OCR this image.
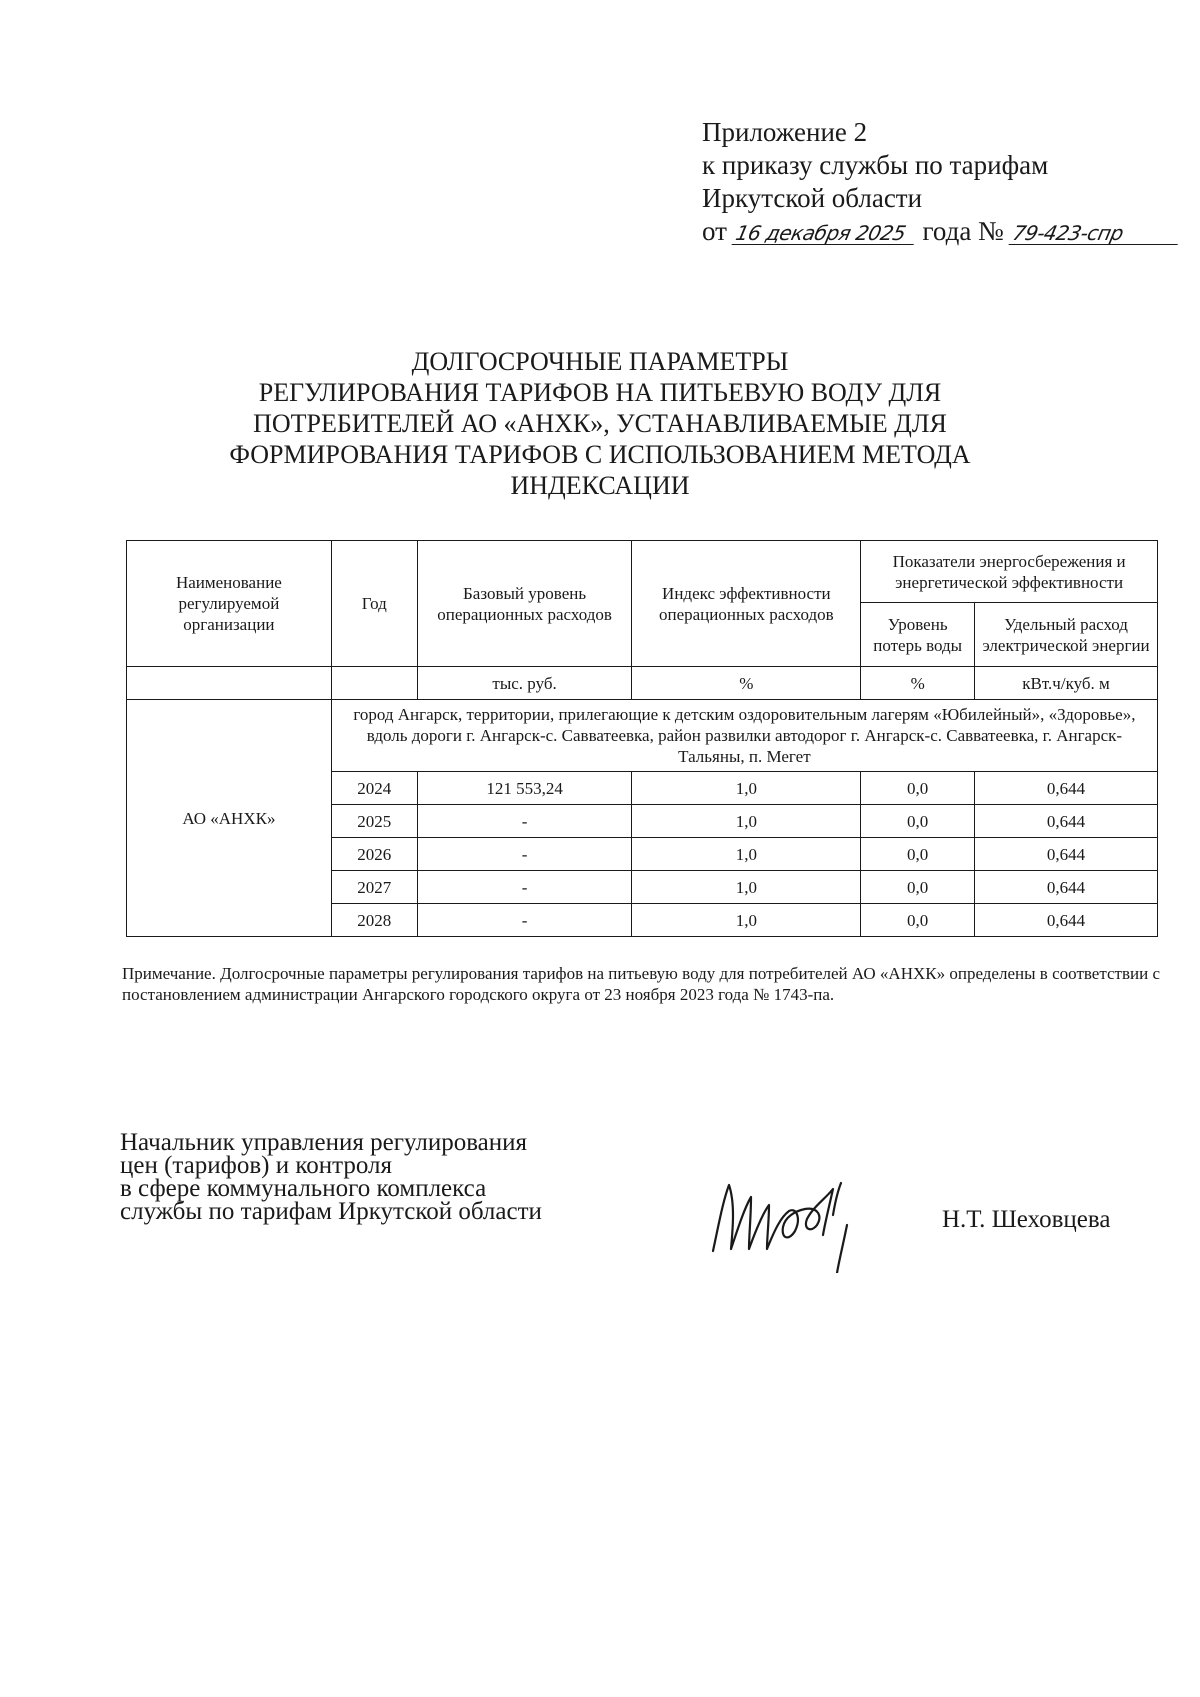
Приложение 2
к приказу службы по тарифам
Иркутской области
от 16 декабря 2025 года № 79-423-спр
ДОЛГОСРОЧНЫЕ ПАРАМЕТРЫ
РЕГУЛИРОВАНИЯ ТАРИФОВ НА ПИТЬЕВУЮ ВОДУ ДЛЯ
ПОТРЕБИТЕЛЕЙ АО «АНХК», УСТАНАВЛИВАЕМЫЕ ДЛЯ
ФОРМИРОВАНИЯ ТАРИФОВ С ИСПОЛЬЗОВАНИЕМ МЕТОДА
ИНДЕКСАЦИИ
Наименование регулируемой организации	Год	Базовый уровень операционных расходов	Индекс эффективности операционных расходов	Показатели энергосбережения и энергетической эффективности	
				Уровень потерь воды	Удельный расход электрической энергии
		тыс. руб.	%	%	кВт.ч/куб. м
АО «АНХК»	город Ангарск, территории, прилегающие к детским оздоровительным лагерям «Юбилейный», «Здоровье», вдоль дороги г. Ангарск-с. Савватеевка, район развилки автодорог г. Ангарск-с. Савватеевка, г. Ангарск-Тальяны, п. Мегет				
	2024	121 553,24	1,0	0,0	0,644
	2025	-	1,0	0,0	0,644
	2026	-	1,0	0,0	0,644
	2027	-	1,0	0,0	0,644
	2028	-	1,0	0,0	0,644
Примечание. Долгосрочные параметры регулирования тарифов на питьевую воду для потребителей АО «АНХК» определены в соответствии с постановлением администрации Ангарского городского округа от 23 ноября 2023 года № 1743-па.
Начальник управления регулирования
цен (тарифов) и контроля
в сфере коммунального комплекса
службы по тарифам Иркутской области	Н.Т. Шеховцева
